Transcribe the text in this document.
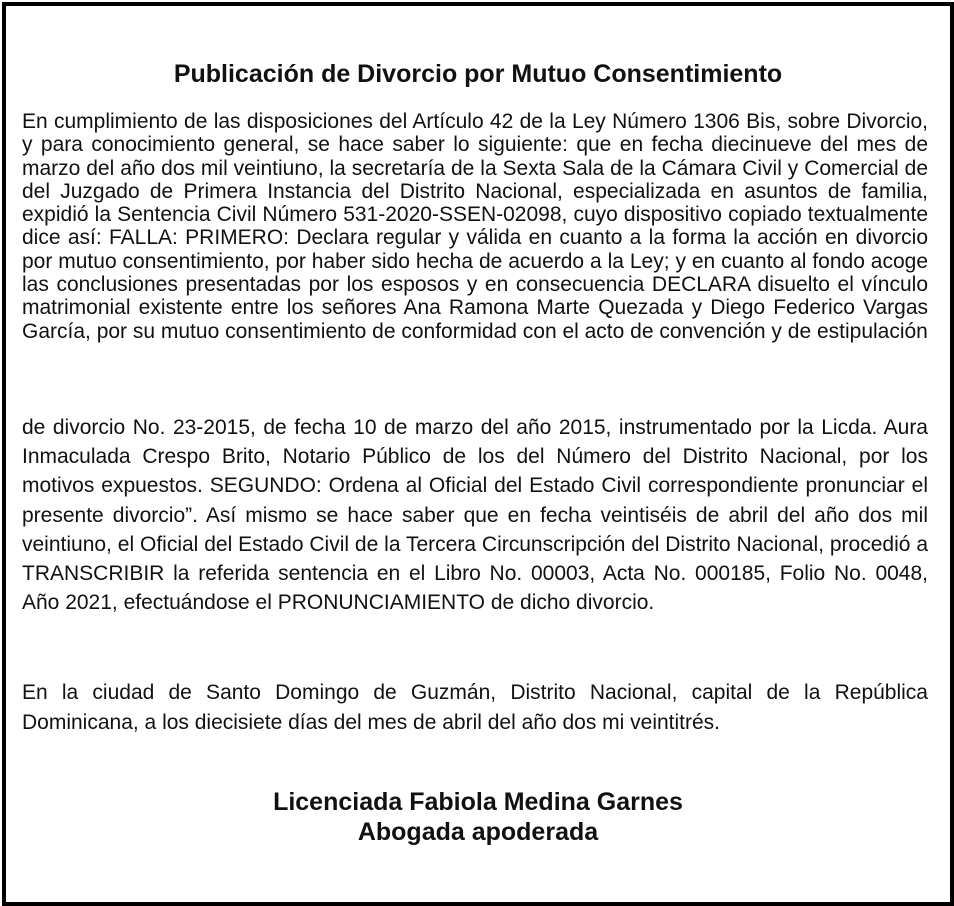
Publicación de Divorcio por Mutuo Consentimiento

En cumplimiento de las disposiciones del Artículo 42 de la Ley Número 1306 Bis, sobre Divorcio, y para conocimiento general, se hace saber lo siguiente: que en fecha diecinueve del mes de marzo del año dos mil veintiuno, la secretaría de la Sexta Sala de la Cámara Civil y Comercial de del Juzgado de Primera Instancia del Distrito Nacional, especializada en asuntos de familia, expidió la Sentencia Civil Número 531-2020-SSEN-02098, cuyo dispositivo copiado textualmente dice así: FALLA: PRIMERO: Declara regular y válida en cuanto a la forma la acción en divorcio por mutuo consentimiento, por haber sido hecha de acuerdo a la Ley; y en cuanto al fondo acoge las conclusiones presentadas por los esposos y en consecuencia DECLARA disuelto el vínculo matrimonial existente entre los señores Ana Ramona Marte Quezada y Diego Federico Vargas García, por su mutuo consentimiento de conformidad con el acto de convención y de estipulación

de divorcio No. 23-2015, de fecha 10 de marzo del año 2015, instrumentado por la Licda. Aura Inmaculada Crespo Brito, Notario Público de los del Número del Distrito Nacional, por los motivos expuestos. SEGUNDO: Ordena al Oficial del Estado Civil correspondiente pronunciar el presente divorcio”. Así mismo se hace saber que en fecha veintiséis de abril del año dos mil veintiuno, el Oficial del Estado Civil de la Tercera Circunscripción del Distrito Nacional, procedió a TRANSCRIBIR la referida sentencia en el Libro No. 00003, Acta No. 000185, Folio No. 0048, Año 2021, efectuándose el PRONUNCIAMIENTO de dicho divorcio.

En la ciudad de Santo Domingo de Guzmán, Distrito Nacional, capital de la República Dominicana, a los diecisiete días del mes de abril del año dos mi veintitrés.

Licenciada Fabiola Medina Garnes
Abogada apoderada
